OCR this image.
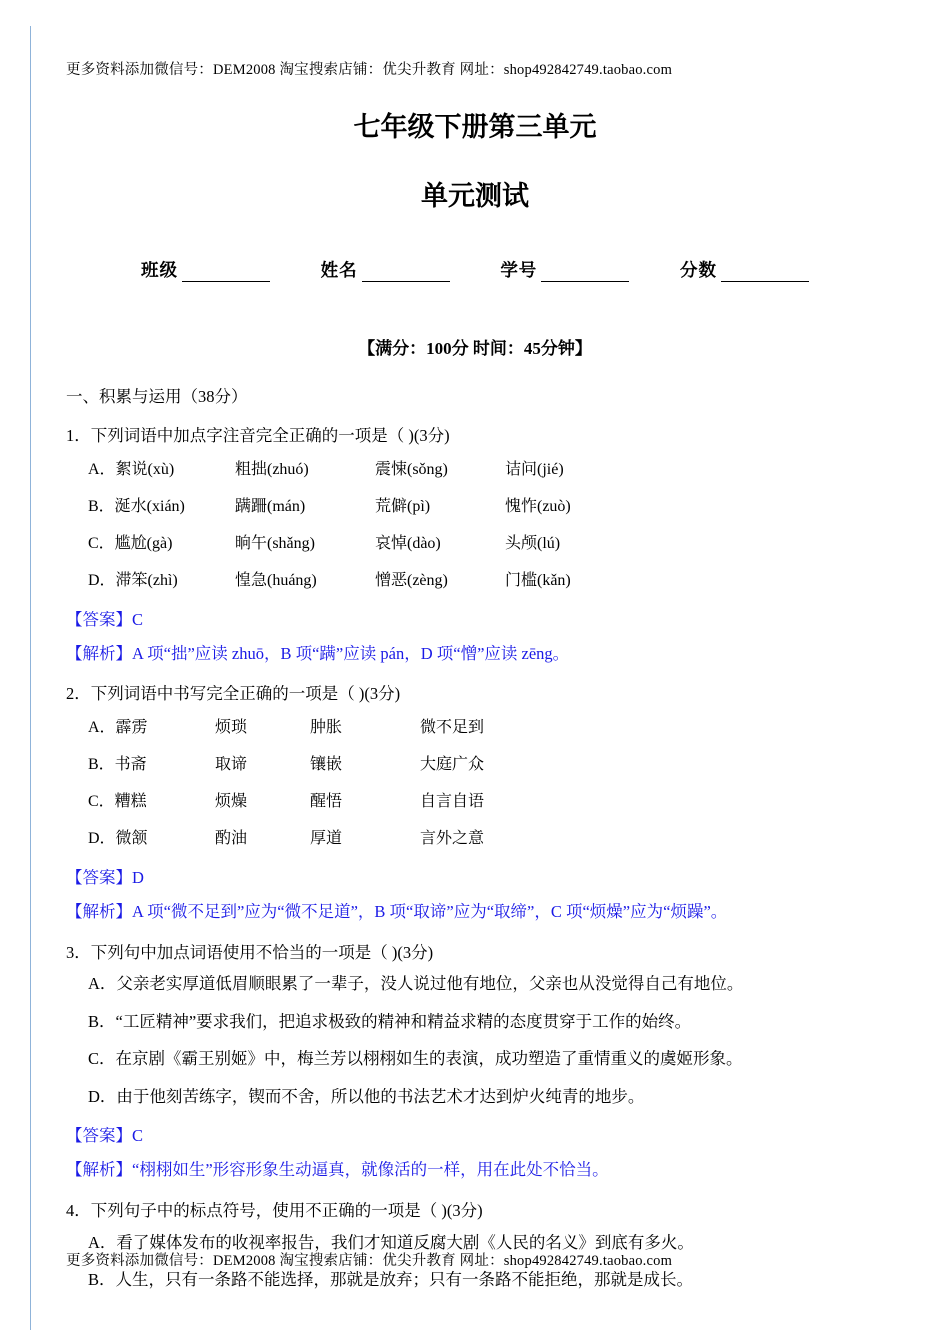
更多资料添加微信号：DEM2008 淘宝搜索店铺：优尖升教育 网址：shop492842749.taobao.com
七年级下册第三单元
单元测试
班级	姓名	学号	分数
【满分：100分 时间：45分钟】
一、积累与运用（38分）
1．下列词语中加点字注音完全正确的一项是（ )(3分)
A．絮说(xù)	粗拙(zhuó)	震悚(sǒng)	诘问(jié)
B．涎水(xián)	蹒跚(mán)	荒僻(pì)	愧怍(zuò)
C．尴尬(gà)	晌午(shǎng)	哀悼(dào)	头颅(lú)
D．滞笨(zhì)	惶急(huáng)	憎恶(zèng)	门槛(kǎn)
【答案】C
【解析】A 项“拙”应读 zhuō，B 项“蹒”应读 pán，D 项“憎”应读 zēng。
2．下列词语中书写完全正确的一项是（ )(3分)
A．霹雳	烦琐	肿胀	微不足到
B．书斋	取谛	镶嵌	大庭广众
C．糟糕	烦燥	醒悟	自言自语
D．微颔	酌油	厚道	言外之意
【答案】D
【解析】A 项“微不足到”应为“微不足道”，B 项“取谛”应为“取缔”，C 项“烦燥”应为“烦躁”。
3．下列句中加点词语使用不恰当的一项是（ )(3分)
A．父亲老实厚道低眉顺眼累了一辈子，没人说过他有地位，父亲也从没觉得自己有地位。
B．“工匠精神”要求我们，把追求极致的精神和精益求精的态度贯穿于工作的始终。
C．在京剧《霸王别姬》中，梅兰芳以栩栩如生的表演，成功塑造了重情重义的虞姬形象。
D．由于他刻苦练字，锲而不舍，所以他的书法艺术才达到炉火纯青的地步。
【答案】C
【解析】“栩栩如生”形容形象生动逼真，就像活的一样，用在此处不恰当。
4．下列句子中的标点符号，使用不正确的一项是（ )(3分)
A．看了媒体发布的收视率报告，我们才知道反腐大剧《人民的名义》到底有多火。
B．人生，只有一条路不能选择，那就是放弃；只有一条路不能拒绝，那就是成长。
更多资料添加微信号：DEM2008 淘宝搜索店铺：优尖升教育 网址：shop492842749.taobao.com
